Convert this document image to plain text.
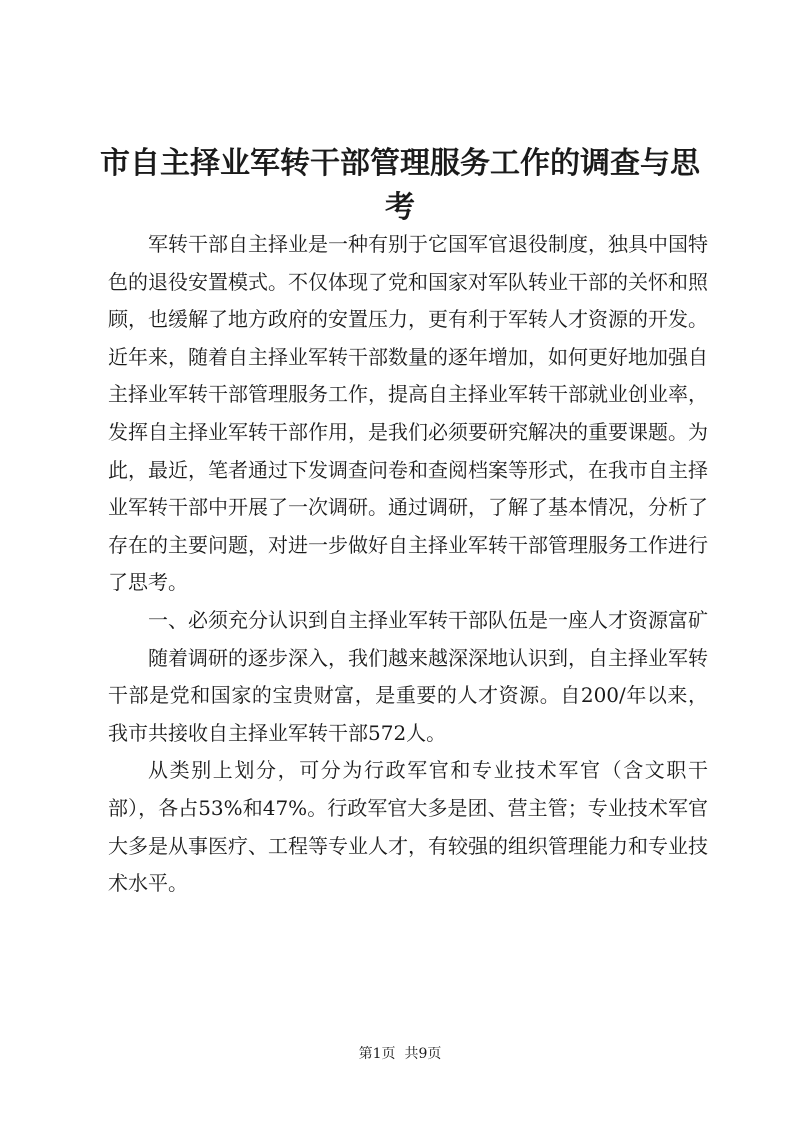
市自主择业军转干部管理服务工作的调查与思考

军转干部自主择业是一种有别于它国军官退役制度，独具中国特色的退役安置模式。不仅体现了党和国家对军队转业干部的关怀和照顾，也缓解了地方政府的安置压力，更有利于军转人才资源的开发。近年来，随着自主择业军转干部数量的逐年增加，如何更好地加强自主择业军转干部管理服务工作，提高自主择业军转干部就业创业率，发挥自主择业军转干部作用，是我们必须要研究解决的重要课题。为此，最近，笔者通过下发调查问卷和查阅档案等形式，在我市自主择业军转干部中开展了一次调研。通过调研，了解了基本情况，分析了存在的主要问题，对进一步做好自主择业军转干部管理服务工作进行了思考。

一、必须充分认识到自主择业军转干部队伍是一座人才资源富矿

随着调研的逐步深入，我们越来越深深地认识到，自主择业军转干部是党和国家的宝贵财富，是重要的人才资源。自200/年以来，我市共接收自主择业军转干部572人。

从类别上划分，可分为行政军官和专业技术军官（含文职干部），各占53%和47%。行政军官大多是团、营主管；专业技术军官大多是从事医疗、工程等专业人才，有较强的组织管理能力和专业技术水平。

第1页 共9页
